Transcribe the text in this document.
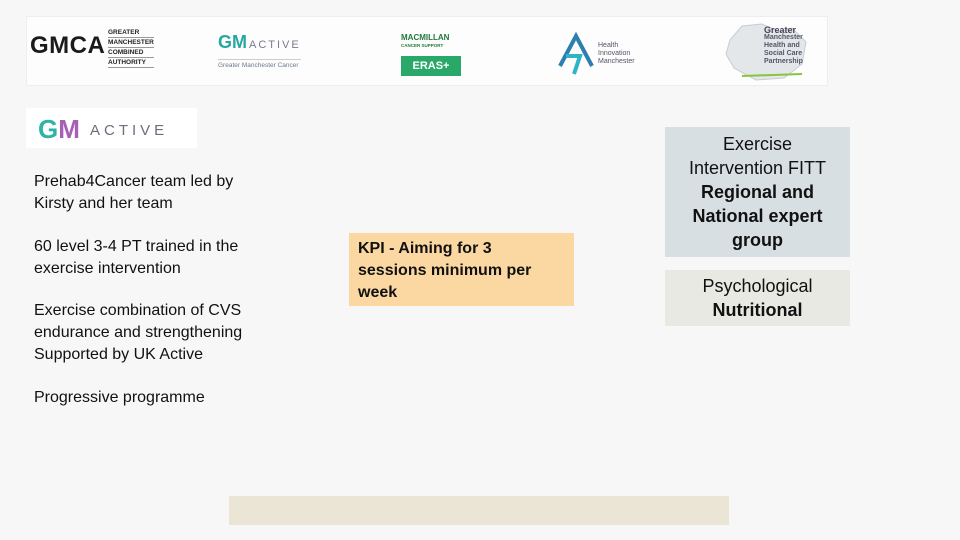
GMCA GREATER
MANCHESTER
COMBINED
AUTHORITY
GM ACTIVE
Greater Manchester Cancer
MACMILLAN
CANCER SUPPORT
ERAS+
Health
Innovation
Manchester
Greater
Manchester
Health and
Social Care
Partnership
GM ACTIVE
Prehab4Cancer team led by
Kirsty and her team
60 level 3-4 PT trained in the
exercise intervention
Exercise combination of CVS
endurance and strengthening
Supported by UK Active
Progressive programme
KPI - Aiming for 3
sessions minimum per
week
Exercise
Intervention FITT
Regional and
National expert
group
Psychological
Nutritional
